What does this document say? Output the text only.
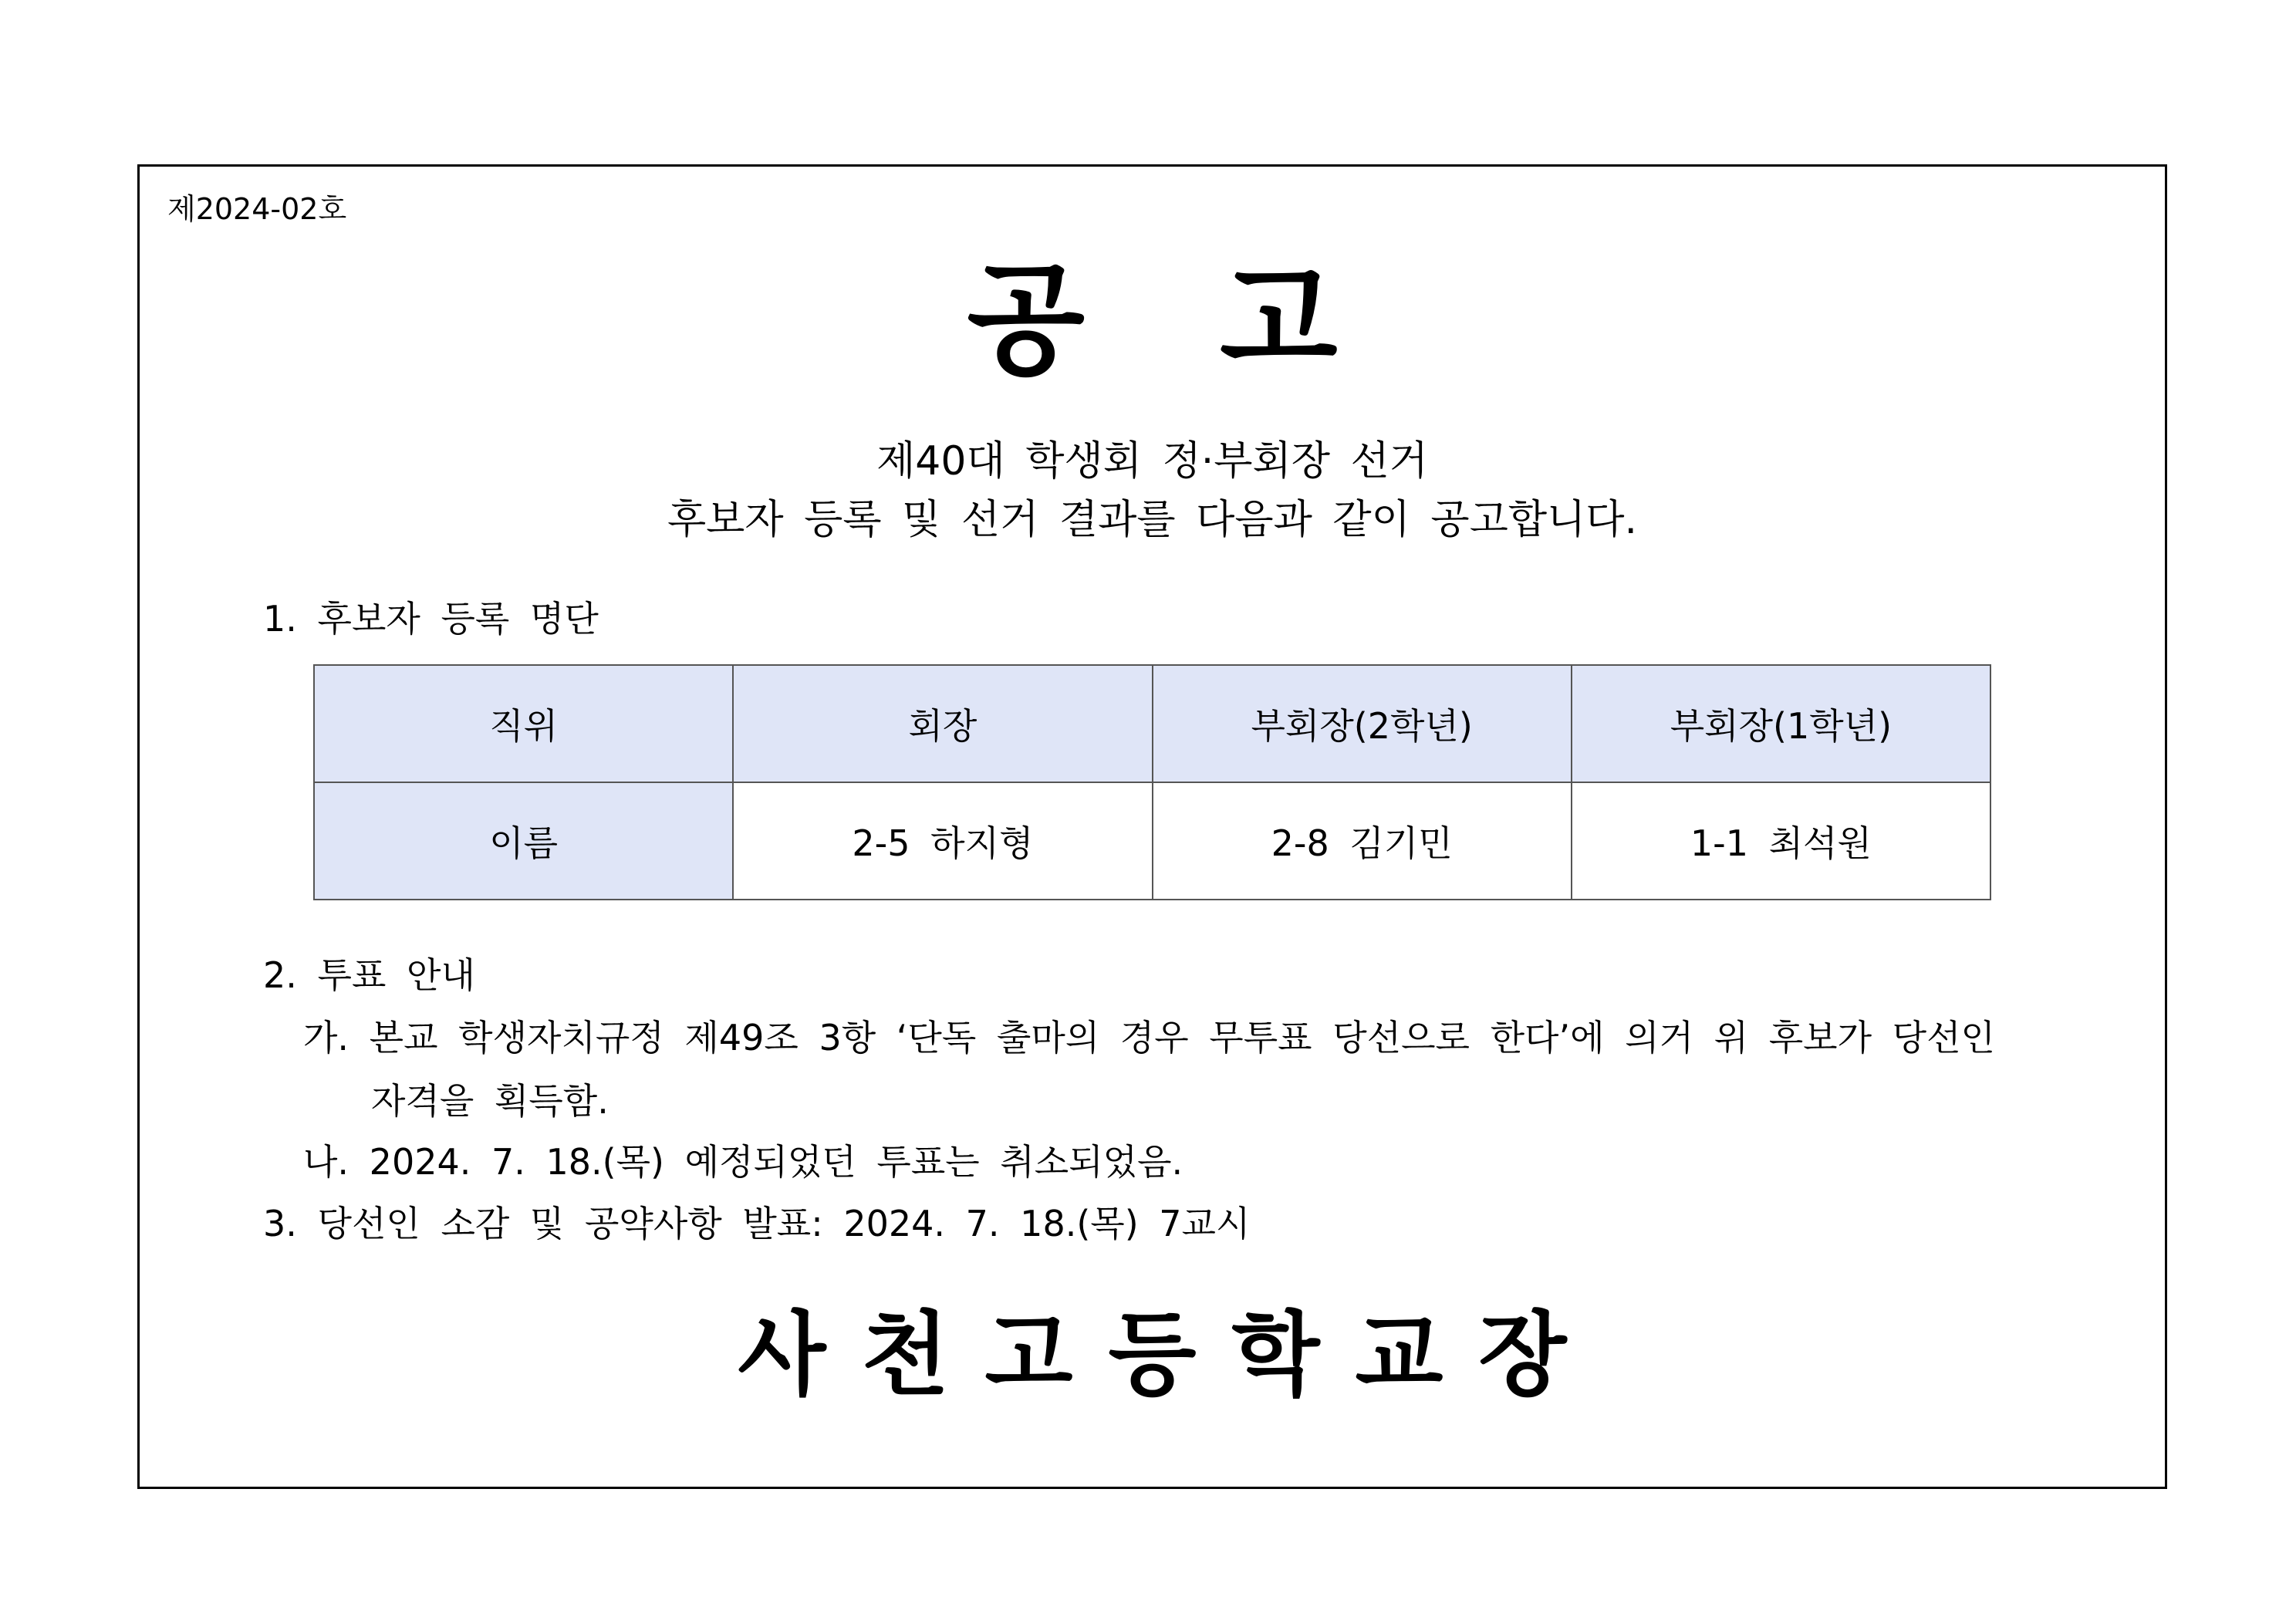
제2024-02호
공 고
제40대 학생회 정·부회장 선거
후보자 등록 및 선거 결과를 다음과 같이 공고합니다.
1. 후보자 등록 명단
직위	회장	부회장(2학년)	부회장(1학년)
이름	2-5 하지형	2-8 김기민	1-1 최석원
2. 투표 안내
가. 본교 학생자치규정 제49조 3항 ‘단독 출마의 경우 무투표 당선으로 한다’에 의거 위 후보가 당선인
자격을 획득함.
나. 2024. 7. 18.(목) 예정되었던 투표는 취소되었음.
3. 당선인 소감 및 공약사항 발표: 2024. 7. 18.(목) 7교시
사천고등학교장
